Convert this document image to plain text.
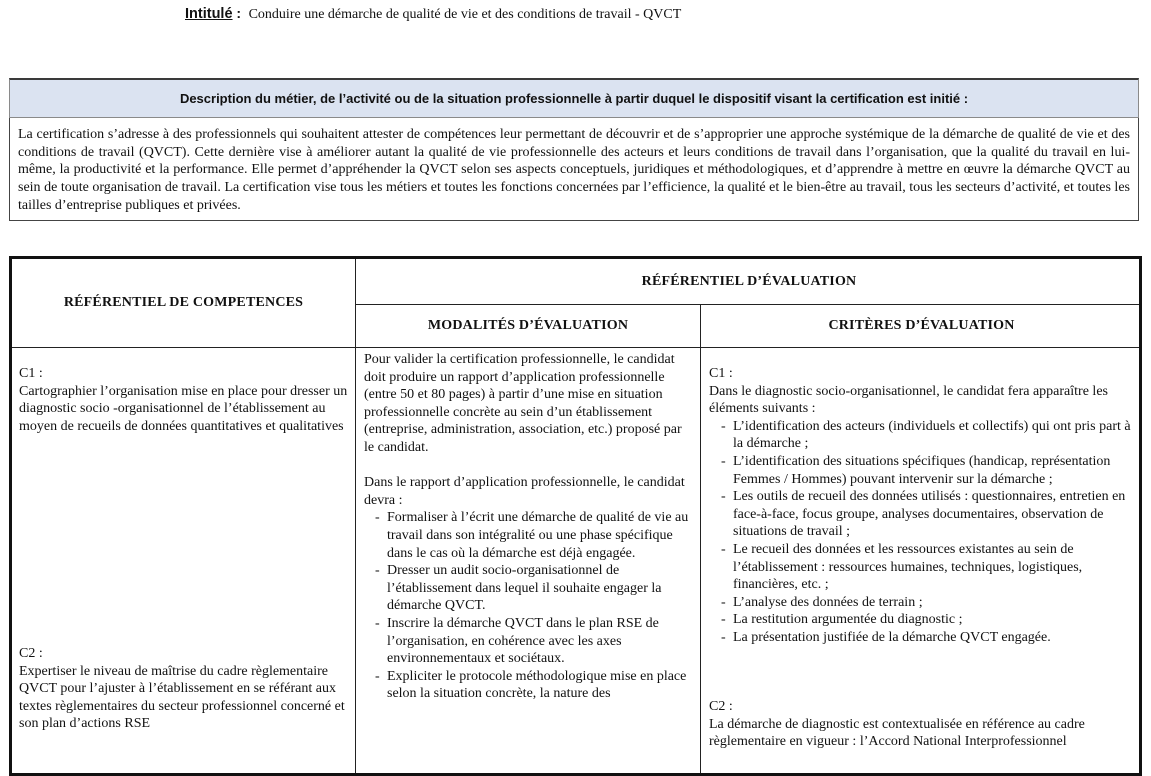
Intitulé : Conduire une démarche de qualité de vie et des conditions de travail - QVCT
Description du métier, de l’activité ou de la situation professionnelle à partir duquel le dispositif visant la certification est initié :
La certification s’adresse à des professionnels qui souhaitent attester de compétences leur permettant de découvrir et de s’approprier une approche systémique de la démarche de qualité de vie et des conditions de travail (QVCT). Cette dernière vise à améliorer autant la qualité de vie professionnelle des acteurs et leurs conditions de travail dans l’organisation, que la qualité du travail en lui-même, la productivité et la performance. Elle permet d’appréhender la QVCT selon ses aspects conceptuels, juridiques et méthodologiques, et d’apprendre à mettre en œuvre la démarche QVCT au sein de toute organisation de travail. La certification vise tous les métiers et toutes les fonctions concernées par l’efficience, la qualité et le bien-être au travail, tous les secteurs d’activité, et toutes les tailles d’entreprise publiques et privées.
RÉFÉRENTIEL DE COMPETENCES
RÉFÉRENTIEL D’ÉVALUATION
MODALITÉS D’ÉVALUATION	CRITÈRES D’ÉVALUATION

C1 :

Cartographier l’organisation mise en place pour dresser un diagnostic socio -organisationnel de l’établissement au moyen de recueils de données quantitatives et qualitatives

C2 :

Expertiser le niveau de maîtrise du cadre règlementaire QVCT pour l’ajuster à l’établissement en se référant aux textes règlementaires du secteur professionnel concerné et son plan d’actions RSE

Pour valider la certification professionnelle, le candidat doit produire un rapport d’application professionnelle (entre 50 et 80 pages) à partir d’une mise en situation professionnelle concrète au sein d’un établissement (entreprise, administration, association, etc.) proposé par le candidat.

Dans le rapport d’application professionnelle, le candidat devra :

- Formaliser à l’écrit une démarche de qualité de vie au travail dans son intégralité ou une phase spécifique dans le cas où la démarche est déjà engagée.
- Dresser un audit socio-organisationnel de l’établissement dans lequel il souhaite engager la démarche QVCT.
- Inscrire la démarche QVCT dans le plan RSE de l’organisation, en cohérence avec les axes environnementaux et sociétaux.
- Expliciter le protocole méthodologique mise en place selon la situation concrète, la nature des

C1 :

Dans le diagnostic socio-organisationnel, le candidat fera apparaître les éléments suivants :

- L’identification des acteurs (individuels et collectifs) qui ont pris part à la démarche ;
- L’identification des situations spécifiques (handicap, représentation Femmes / Hommes) pouvant intervenir sur la démarche ;
- Les outils de recueil des données utilisés : questionnaires, entretien en face-à-face, focus groupe, analyses documentaires, observation de situations de travail ;
- Le recueil des données et les ressources existantes au sein de l’établissement : ressources humaines, techniques, logistiques, financières, etc. ;
- L’analyse des données de terrain ;
- La restitution argumentée du diagnostic ;
- La présentation justifiée de la démarche QVCT engagée.

C2 :

La démarche de diagnostic est contextualisée en référence au cadre règlementaire en vigueur : l’Accord National Interprofessionnel
